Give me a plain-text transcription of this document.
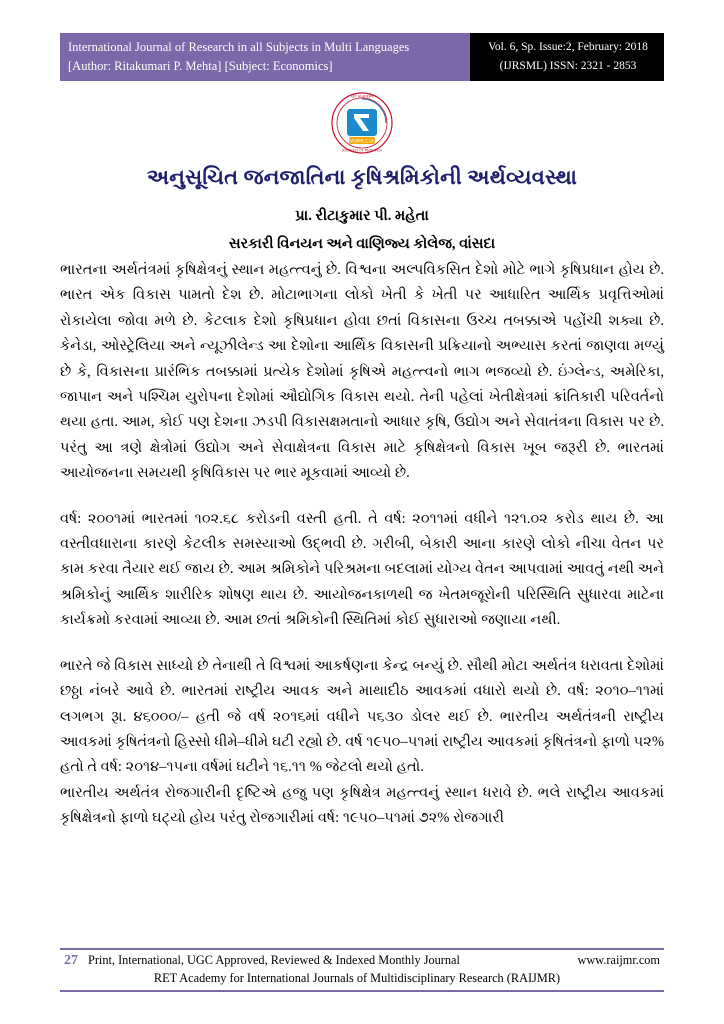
International Journal of Research in all Subjects in Multi Languages
[Author: Ritakumari P. Mehta] [Subject: Economics]
Vol. 6, Sp. Issue:2, February: 2018
(IJRSML) ISSN: 2321 - 2853
RAIJMR.COM
RET ACADEMY
JOURNALS OF RESEARCH
અનુસૂચિત જનજાતિના કૃષિશ્રમિકોની અર્થવ્યવસ્થા
પ્રા. રીટાકુમાર પી. મહેતા
સરકારી વિનયન અને વાણિજ્ય કોલેજ, વાંસદા

ભારતના અર્થતંત્રમાં કૃષિક્ષેત્રનું સ્થાન મહત્ત્વનું છે. વિશ્વના અલ્પવિકસિત દેશો મોટે ભાગે કૃષિપ્રધાન હોય છે. ભારત એક વિકાસ પામતો દેશ છે. મોટાભાગના લોકો ખેતી કે ખેતી પર આધારિત આર્થિક પ્રવૃત્તિઓમાં રોકાયેલા જોવા મળે છે. કેટલાક દેશો કૃષિપ્રધાન હોવા છતાં વિકાસના ઉચ્ચ તબક્કાએ પહોંચી શક્યા છે. કેનેડા, ઓસ્ટ્રેલિયા અને ન્યૂઝીલેન્ડ આ દેશોના આર્થિક વિકાસની પ્રક્રિયાનો અભ્યાસ કરતાં જાણવા મળ્યું છે કે, વિકાસના પ્રારંભિક તબક્કામાં પ્રત્યેક દેશોમાં કૃષિએ મહત્ત્વનો ભાગ ભજવ્યો છે. ઇંગ્લેન્ડ, અમેરિકા, જાપાન અને પશ્ચિમ યુરોપના દેશોમાં ઔદ્યોગિક વિકાસ થયો. તેની પહેલાં ખેતીક્ષેત્રમાં ક્રાંતિકારી પરિવર્તનો થયા હતા. આમ, કોઈ પણ દેશના ઝડપી વિકાસક્ષમતાનો આધાર કૃષિ, ઉદ્યોગ અને સેવાતંત્રના વિકાસ પર છે. પરંતુ આ ત્રણે ક્ષેત્રોમાં ઉદ્યોગ અને સેવાક્ષેત્રના વિકાસ માટે કૃષિક્ષેત્રનો વિકાસ ખૂબ જરૂરી છે. ભારતમાં આયોજનના સમયથી કૃષિવિકાસ પર ભાર મૂકવામાં આવ્યો છે.

વર્ષ: ૨૦૦૧માં ભારતમાં ૧૦૨.૬૮ કરોડની વસ્તી હતી. તે વર્ષ: ૨૦૧૧માં વધીને ૧૨૧.૦૨ કરોડ થાય છે. આ વસ્તીવધારાના કારણે કેટલીક સમસ્યાઓ ઉદ્ભવી છે. ગરીબી, બેકારી આના કારણે લોકો નીચા વેતન પર કામ કરવા તૈયાર થઈ જાય છે. આમ શ્રમિકોને પરિશ્રમના બદલામાં યોગ્ય વેતન આપવામાં આવતું નથી અને શ્રમિકોનું આર્થિક શારીરિક શોષણ થાય છે. આયોજનકાળથી જ ખેતમજૂરોની પરિસ્થિતિ સુધારવા માટેના કાર્યક્રમો કરવામાં આવ્યા છે. આમ છતાં શ્રમિકોની સ્થિતિમાં કોઈ સુધારાઓ જણાયા નથી.

ભારતે જે વિકાસ સાધ્યો છે તેનાથી તે વિશ્વમાં આકર્ષણના કેન્દ્ર બન્યું છે. સૌથી મોટા અર્થતંત્ર ધરાવતા દેશોમાં છઠ્ઠા નંબરે આવે છે. ભારતમાં રાષ્ટ્રીય આવક અને માથાદીઠ આવકમાં વધારો થયો છે. વર્ષ: ૨૦૧૦–૧૧માં લગભગ રૂા. ૪૬૦૦૦/– હતી જે વર્ષ ૨૦૧૬માં વધીને ૫૬૩૦ ડોલર થઈ છે. ભારતીય અર્થતંત્રની રાષ્ટ્રીય આવકમાં કૃષિતંત્રનો હિસ્સો ધીમે–ધીમે ઘટી રહ્યો છે. વર્ષ ૧૯૫૦–૫૧માં રાષ્ટ્રીય આવકમાં કૃષિતંત્રનો ફાળો ૫૨% હતો તે વર્ષ: ૨૦૧૪–૧૫ના વર્ષમાં ઘટીને ૧૬.૧૧ % જેટલો થયો હતો.

ભારતીય અર્થતંત્ર રોજગારીની દૃષ્ટિએ હજુ પણ કૃષિક્ષેત્ર મહત્ત્વનું સ્થાન ધરાવે છે. ભલે રાષ્ટ્રીય આવકમાં કૃષિક્ષેત્રનો ફાળો ઘટ્યો હોય પરંતુ રોજગારીમાં વર્ષ: ૧૯૫૦–૫૧માં ૭૨% રોજગારી

27 Print, International, UGC Approved, Reviewed & Indexed Monthly Journal	www.raijmr.com
RET Academy for International Journals of Multidisciplinary Research (RAIJMR)
